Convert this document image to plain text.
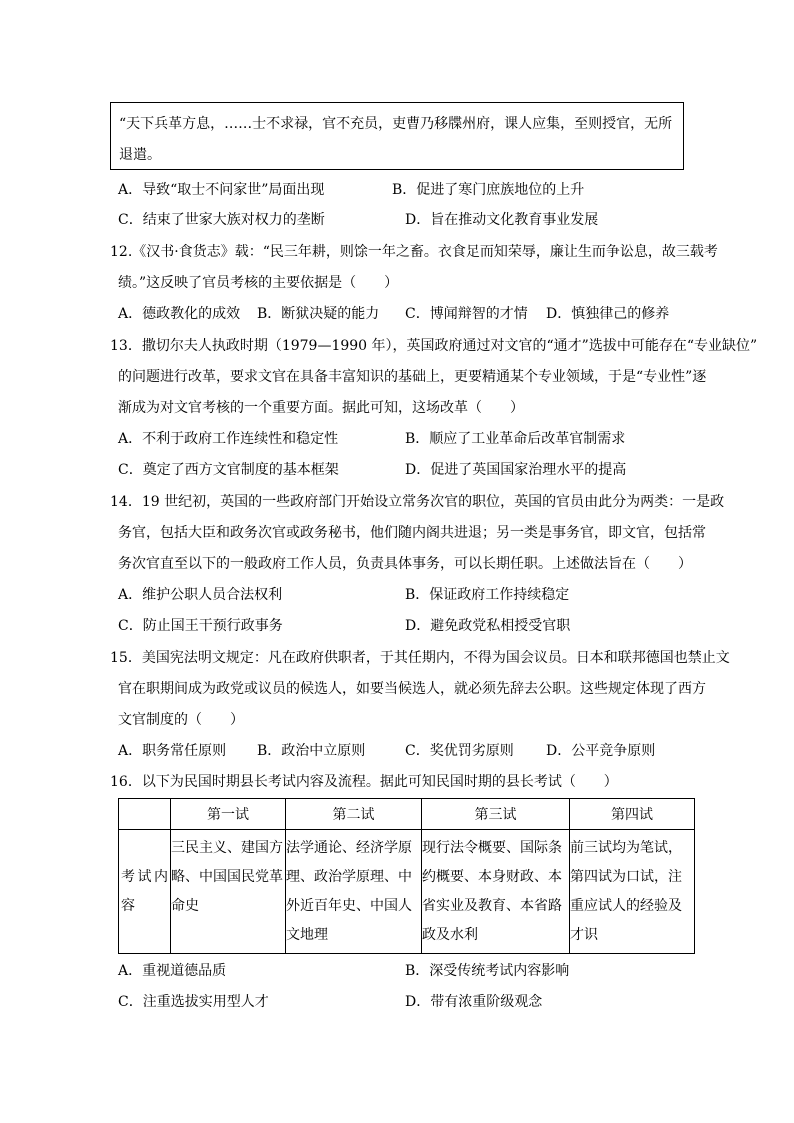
“天下兵革方息，……士不求禄，官不充员，吏曹乃移牒州府，课人应集，至则授官，无所退遣。
A．导致“取士不问家世”局面出现	B．促进了寒门庶族地位的上升
C．结束了世家大族对权力的垄断	D．旨在推动文化教育事业发展
12.《汉书·食货志》载：“民三年耕，则馀一年之畜。衣食足而知荣辱，廉让生而争讼息，故三载考
绩。”这反映了官员考核的主要依据是（　　）
A．德政教化的成效 B．断狱决疑的能力 C．博闻辩智的才情 D．慎独律己的修养
13．撒切尔夫人执政时期（1979—1990 年），英国政府通过对文官的“通才”选拔中可能存在“专业缺位”
的问题进行改革，要求文官在具备丰富知识的基础上，更要精通某个专业领域，于是“专业性”逐
渐成为对文官考核的一个重要方面。据此可知，这场改革（　　）
A．不利于政府工作连续性和稳定性	B．顺应了工业革命后改革官制需求
C．奠定了西方文官制度的基本框架	D．促进了英国国家治理水平的提高
14．19 世纪初，英国的一些政府部门开始设立常务次官的职位，英国的官员由此分为两类：一是政
务官，包括大臣和政务次官或政务秘书，他们随内阁共进退；另一类是事务官，即文官，包括常
务次官直至以下的一般政府工作人员，负责具体事务，可以长期任职。上述做法旨在（　　）
A．维护公职人员合法权利	B．保证政府工作持续稳定
C．防止国王干预行政事务	D．避免政党私相授受官职
15．美国宪法明文规定：凡在政府供职者，于其任期内，不得为国会议员。日本和联邦德国也禁止文
官在职期间成为政党或议员的候选人，如要当候选人，就必须先辞去公职。这些规定体现了西方
文官制度的（　　）
A．职务常任原则 B．政治中立原则	C．奖优罚劣原则 D．公平竞争原则
16．以下为民国时期县长考试内容及流程。据此可知民国时期的县长考试（　　）
	第一试	第二试	第三试	第四试
考试内容	三民主义、建国方略、中国国民党革命史	法学通论、经济学原理、政治学原理、中外近百年史、中国人文地理	现行法令概要、国际条约概要、本身财政、本省实业及教育、本省路政及水利	前三试均为笔试，第四试为口试，注重应试人的经验及才识
A．重视道德品质	B．深受传统考试内容影响
C．注重选拔实用型人才	D．带有浓重阶级观念
